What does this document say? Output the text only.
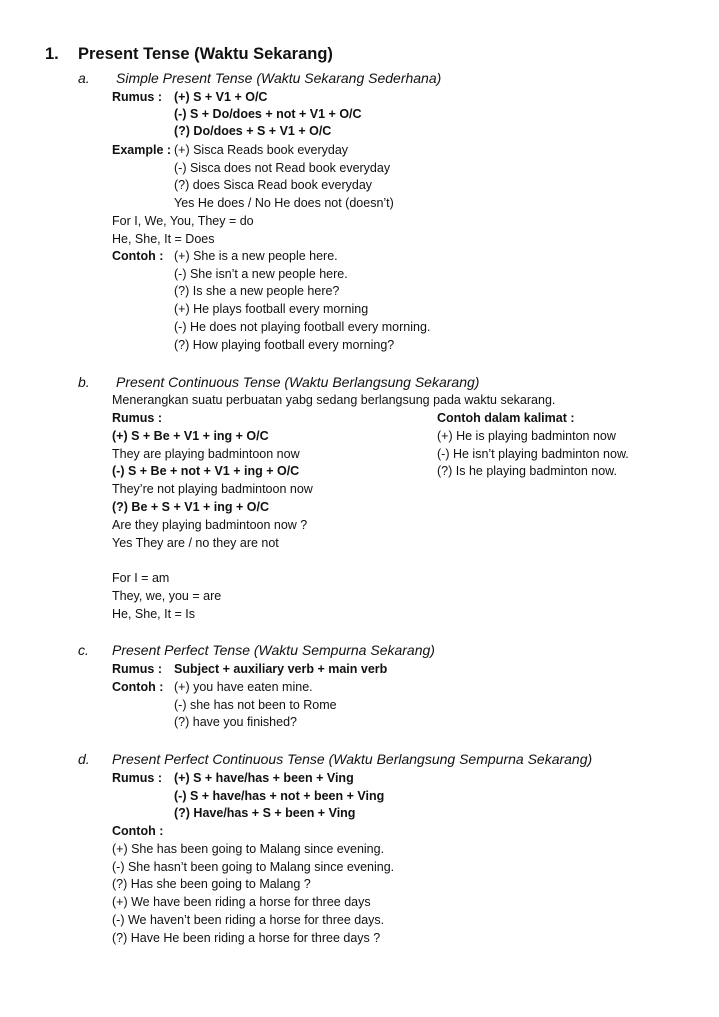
1. Present Tense (Waktu Sekarang)
a. Simple Present Tense (Waktu Sekarang Sederhana)
Rumus : (+) S + V1 + O/C
(-) S + Do/does + not + V1 + O/C
(?) Do/does + S + V1 + O/C
Example : (+) Sisca Reads book everyday
(-) Sisca does not Read book everyday
(?) does Sisca Read book everyday
Yes He does / No He does not (doesn’t)
For I, We, You, They = do
He, She, It = Does
Contoh : (+) She is a new people here.
(-) She isn’t a new people here.
(?) Is she a new people here?
(+) He plays football every morning
(-) He does not playing football every morning.
(?) How playing football every morning?
b. Present Continuous Tense (Waktu Berlangsung Sekarang)
Menerangkan suatu perbuatan yabg sedang berlangsung pada waktu sekarang.
Rumus :	Contoh dalam kalimat :
(+) S + Be + V1 + ing + O/C
They are playing badmintoon now
(-) S + Be + not + V1 + ing + O/C
They’re not playing badmintoon now
(?) Be + S + V1 + ing + O/C
Are they playing badmintoon now ?
Yes They are / no they are not
(+) He is playing badminton now
(-) He isn’t playing badminton now.
(?) Is he playing badminton now.
For I = am
They, we, you = are
He, She, It = Is
c. Present Perfect Tense (Waktu Sempurna Sekarang)
Rumus : Subject + auxiliary verb + main verb
Contoh : (+) you have eaten mine.
(-) she has not been to Rome
(?) have you finished?
d. Present Perfect Continuous Tense (Waktu Berlangsung Sempurna Sekarang)
Rumus : (+) S + have/has + been + Ving
(-) S + have/has + not + been + Ving
(?) Have/has + S + been + Ving
Contoh :
(+) She has been going to Malang since evening.
(-) She hasn’t been going to Malang since evening.
(?) Has she been going to Malang ?
(+) We have been riding a horse for three days
(-) We haven’t been riding a horse for three days.
(?) Have He been riding a horse for three days ?
